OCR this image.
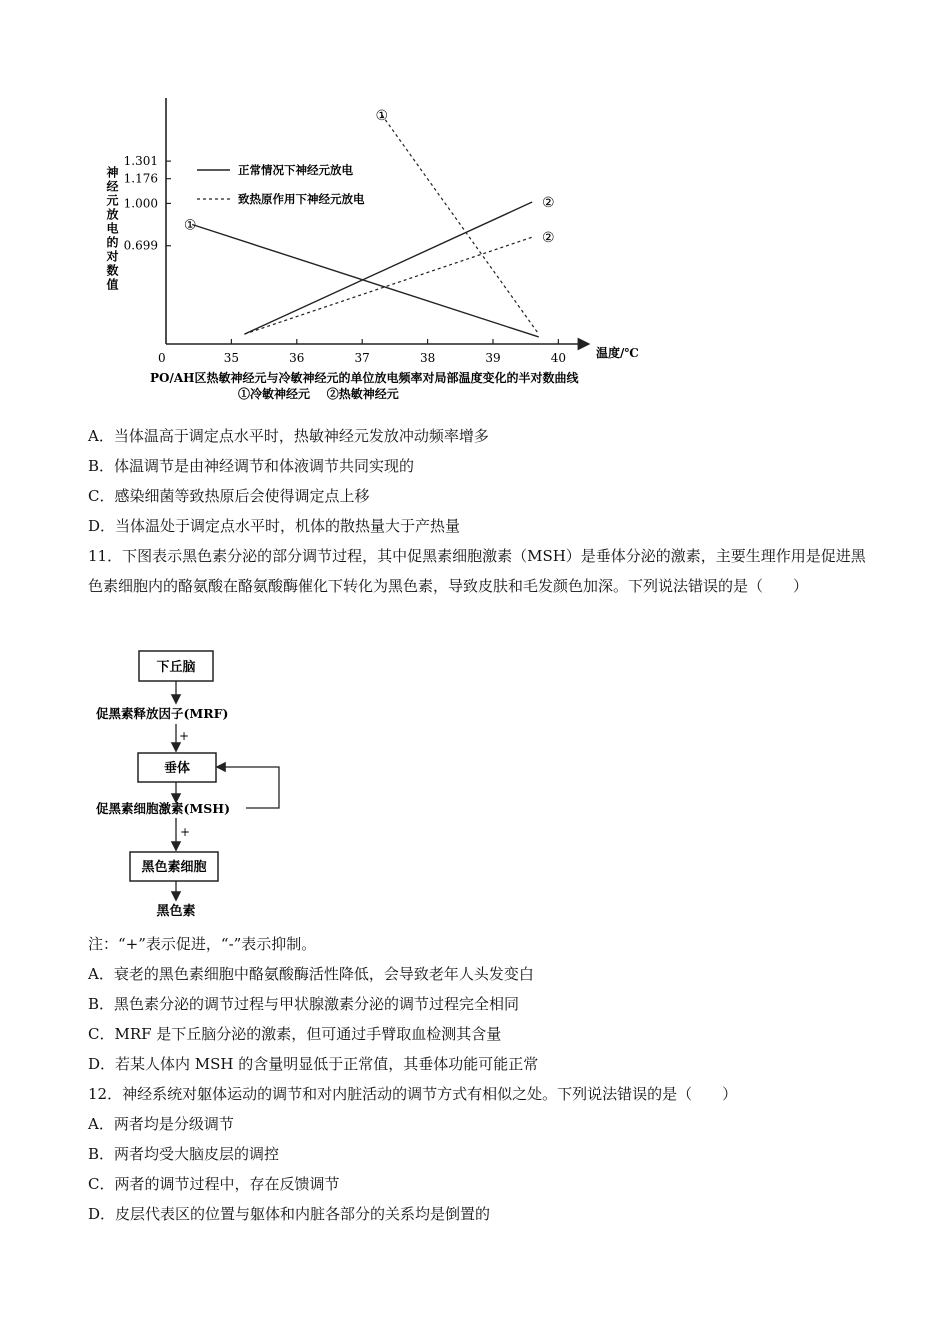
35	36	37	38	39	40
0.699
1.000
1.176
1.301
①
②
②
①
神经元放电的对数值
温度/℃
0
正常情况下神经元放电
致热原作用下神经元放电
PO/AH区热敏神经元与冷敏神经元的单位放电频率对局部温度变化的半对数曲线
①冷敏神经元    ②热敏神经元
A．当体温高于调定点水平时，热敏神经元发放冲动频率增多
B．体温调节是由神经调节和体液调节共同实现的
C．感染细菌等致热原后会使得调定点上移
D．当体温处于调定点水平时，机体的散热量大于产热量
11．下图表示黑色素分泌的部分调节过程，其中促黑素细胞激素（MSH）是垂体分泌的激素，主要生理作用是促进黑色素细胞内的酪氨酸在酪氨酸酶催化下转化为黑色素，导致皮肤和毛发颜色加深。下列说法错误的是（　　）
下丘脑
促黑素释放因子(MRF)
+
垂体
促黑素细胞激素(MSH)
+
黑色素细胞
黑色素
注：“+”表示促进，“-”表示抑制。
A．衰老的黑色素细胞中酪氨酸酶活性降低，会导致老年人头发变白
B．黑色素分泌的调节过程与甲状腺激素分泌的调节过程完全相同
C．MRF 是下丘脑分泌的激素，但可通过手臂取血检测其含量
D．若某人体内 MSH 的含量明显低于正常值，其垂体功能可能正常
12．神经系统对躯体运动的调节和对内脏活动的调节方式有相似之处。下列说法错误的是（　　）
A．两者均是分级调节
B．两者均受大脑皮层的调控
C．两者的调节过程中，存在反馈调节
D．皮层代表区的位置与躯体和内脏各部分的关系均是倒置的
